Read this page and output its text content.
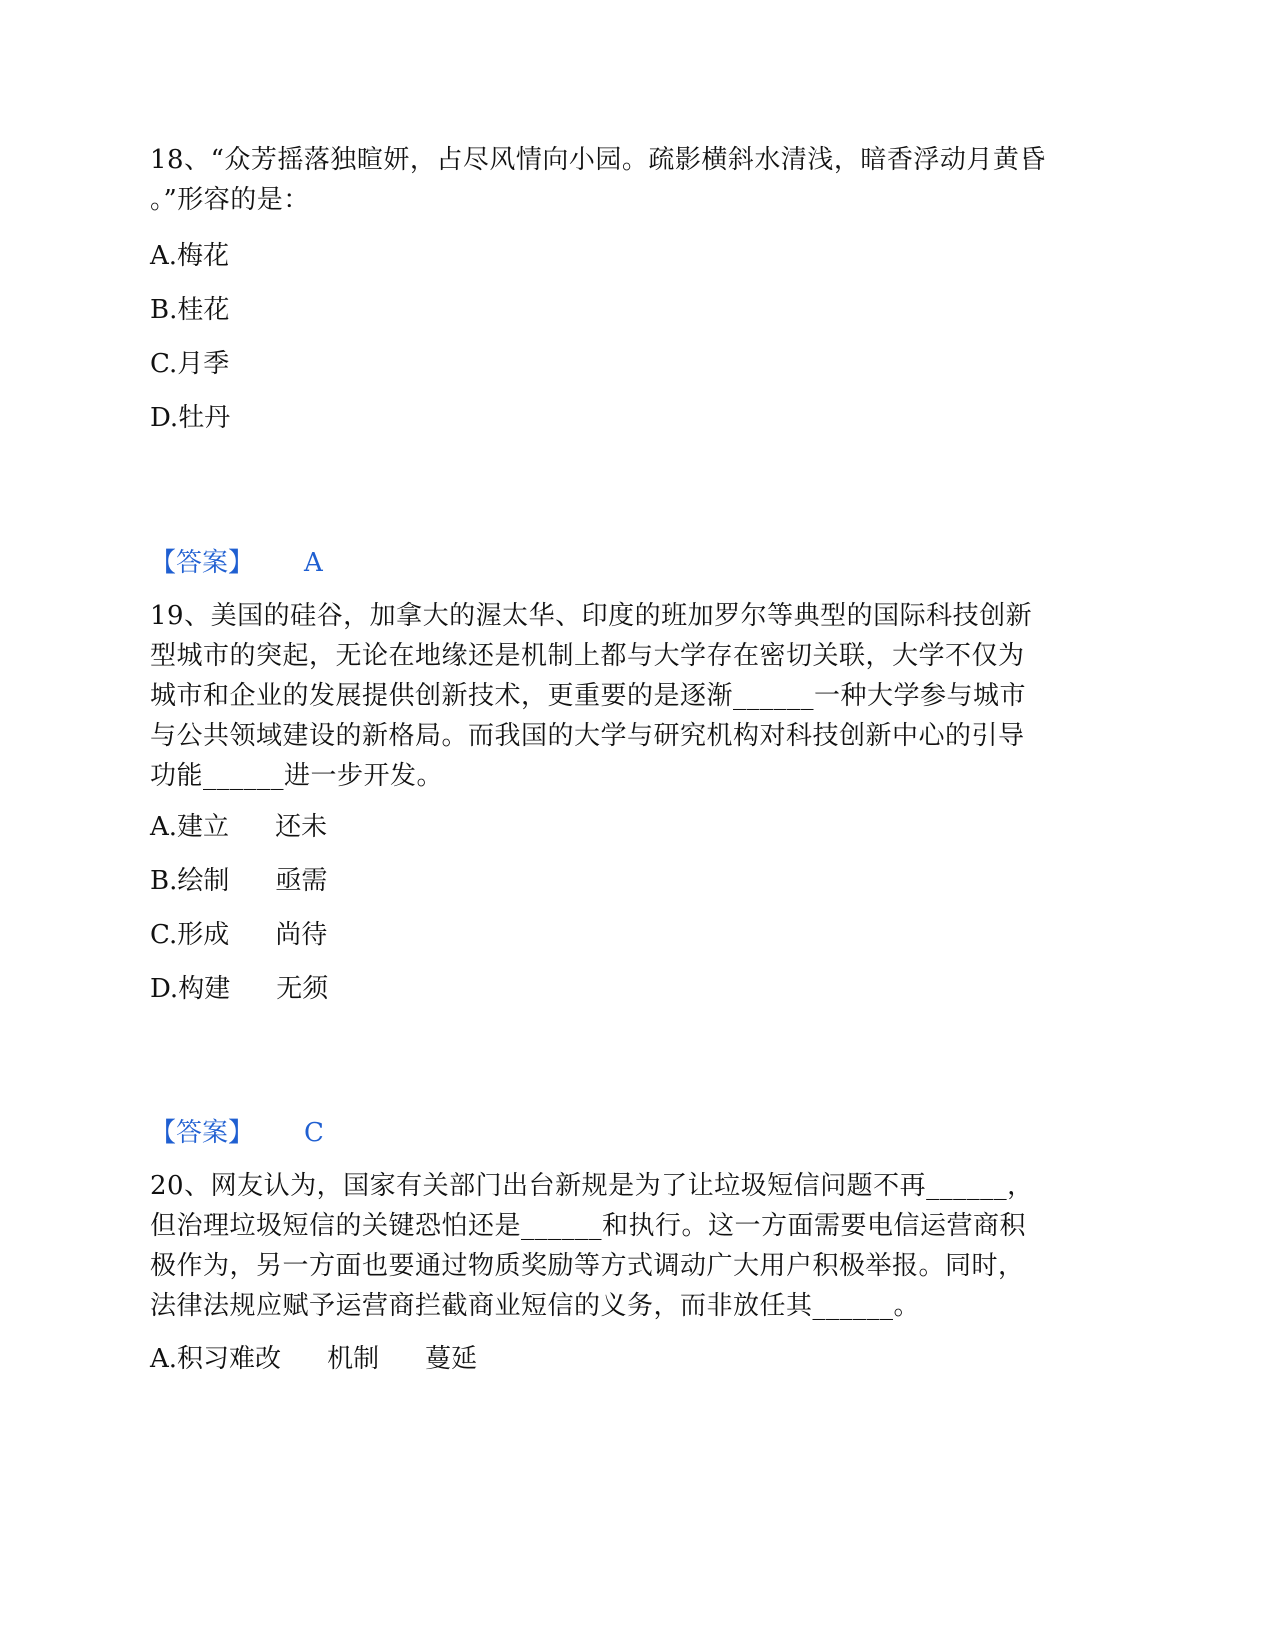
18、“众芳摇落独暄妍，占尽风情向小园。疏影横斜水清浅，暗香浮动月黄昏
。”形容的是：
A.梅花
B.桂花
C.月季
D.牡丹
【答案】 A
19、美国的硅谷，加拿大的渥太华、印度的班加罗尔等典型的国际科技创新
型城市的突起，无论在地缘还是机制上都与大学存在密切关联，大学不仅为
城市和企业的发展提供创新技术，更重要的是逐渐______一种大学参与城市
与公共领域建设的新格局。而我国的大学与研究机构对科技创新中心的引导
功能______进一步开发。
A.建立 还未
B.绘制 亟需
C.形成 尚待
D.构建 无须
【答案】 C
20、网友认为，国家有关部门出台新规是为了让垃圾短信问题不再______，
但治理垃圾短信的关键恐怕还是______和执行。这一方面需要电信运营商积
极作为，另一方面也要通过物质奖励等方式调动广大用户积极举报。同时，
法律法规应赋予运营商拦截商业短信的义务，而非放任其______。
A.积习难改 机制 蔓延
